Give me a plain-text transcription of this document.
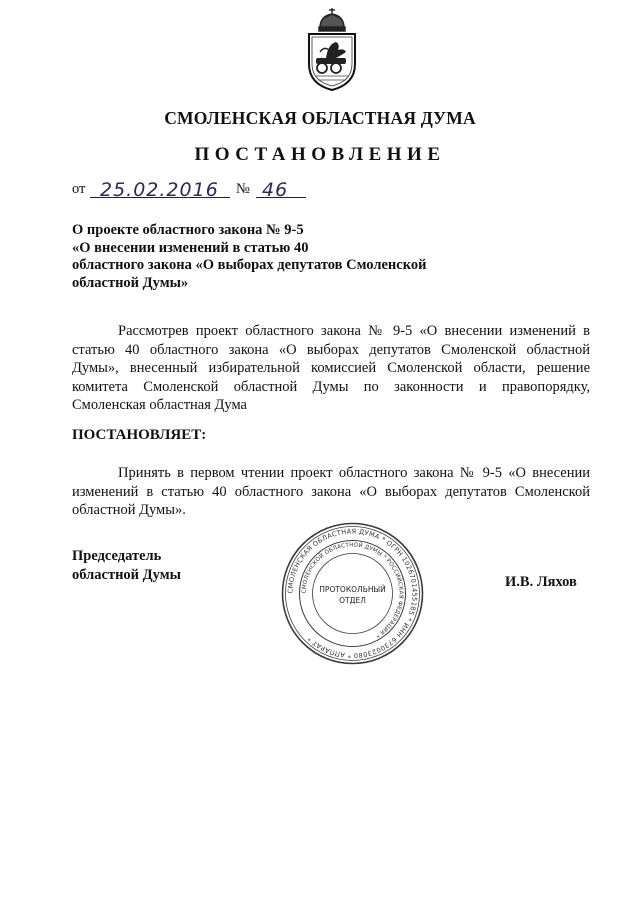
СМОЛЕНСКАЯ ОБЛАСТНАЯ ДУМА
ПОСТАНОВЛЕНИЕ
от 25.02.2016 № 46
О проекте областного закона № 9-5
«О внесении изменений в статью 40
областного закона «О выборах депутатов Смоленской
областной Думы»
Рассмотрев проект областного закона № 9-5 «О внесении изменений в
статью 40 областного закона «О выборах депутатов Смоленской областной
Думы», внесенный избирательной комиссией Смоленской области, решение
комитета Смоленской областной Думы по законности и правопорядку,
Смоленская областная Дума
ПОСТАНОВЛЯЕТ:
Принять в первом чтении проект областного закона № 9-5 «О внесении
изменений в статью 40 областного закона «О выборах депутатов Смоленской
областной Думы».
Председатель
областной Думы	И.В. Ляхов
СМОЛЕНСКАЯ ОБЛАСТНАЯ ДУМА * ОГРН 1026701455185 * ИНН 6730023080 * АППАРАТ *
СМОЛЕНСКОЙ ОБЛАСТНОЙ ДУМЫ * РОССИЙСКАЯ ФЕДЕРАЦИЯ *
ПРОТОКОЛЬНЫЙ
ОТДЕЛ
